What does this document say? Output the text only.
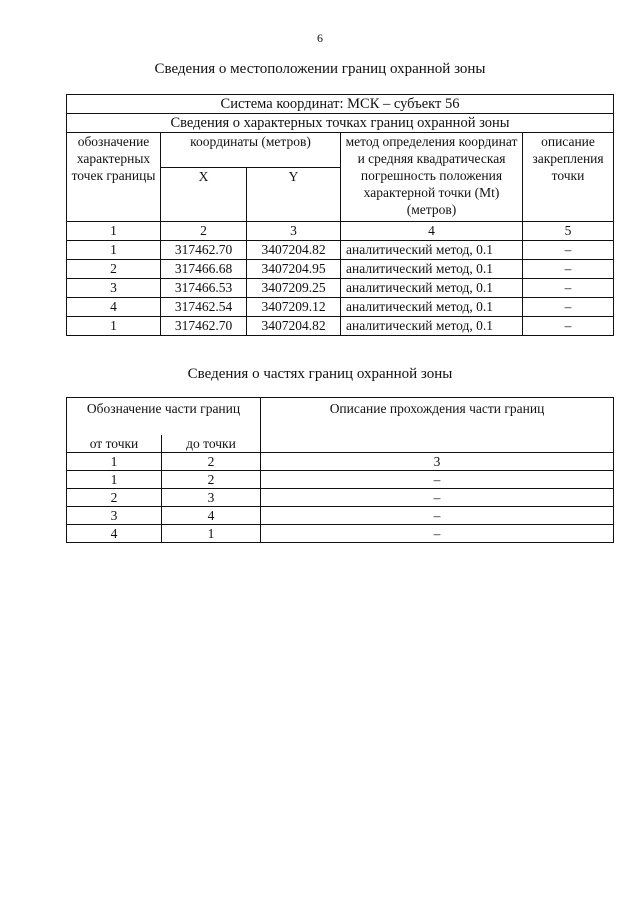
6
Сведения о местоположении границ охранной зоны
Система координат: МСК – субъект 56				
Сведения о характерных точках границ охранной зоны				
обозначение характерных точек границы	координаты (метров)		метод определения координат и средняя квадратическая погрешность положения характерной точки (Mt) (метров)	описание закрепления точки
	X	Y		
1	2	3	4	5
1	317462.70	3407204.82	аналитический метод, 0.1	–
2	317466.68	3407204.95	аналитический метод, 0.1	–
3	317466.53	3407209.25	аналитический метод, 0.1	–
4	317462.54	3407209.12	аналитический метод, 0.1	–
1	317462.70	3407204.82	аналитический метод, 0.1	–
Сведения о частях границ охранной зоны
Обозначение части границ		Описание прохождения части границ
от точки	до точки	
1	2	3
1	2	–
2	3	–
3	4	–
4	1	–
